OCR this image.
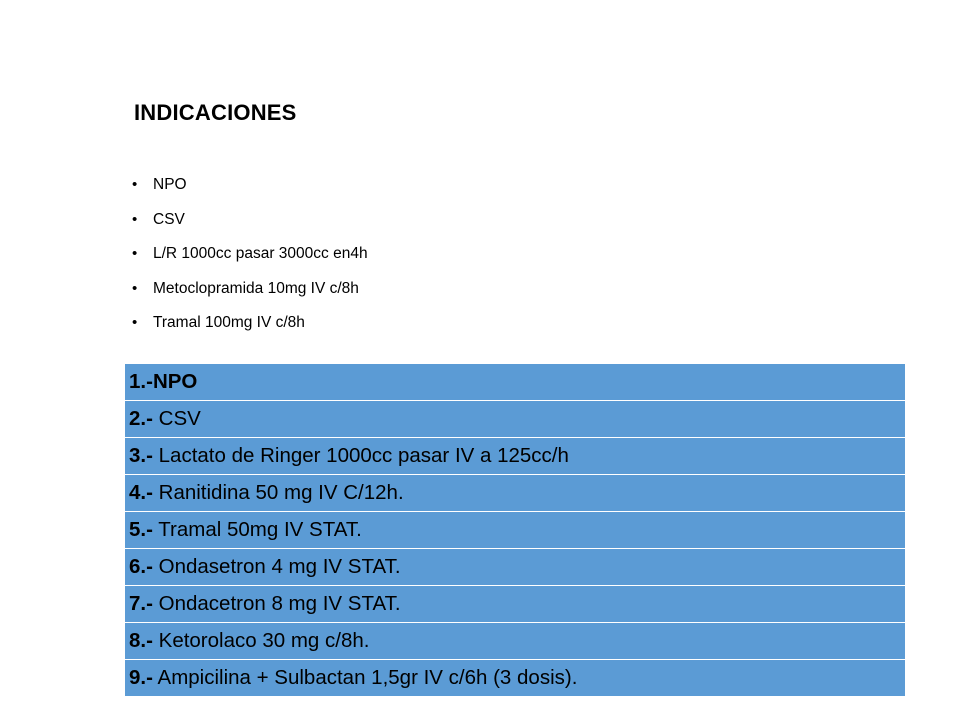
INDICACIONES
• NPO
• CSV
• L/R 1000cc pasar 3000cc en4h
• Metoclopramida 10mg IV c/8h
• Tramal 100mg IV c/8h
1.-NPO
2.- CSV
3.- Lactato de Ringer 1000cc pasar IV a 125cc/h
4.- Ranitidina 50 mg IV C/12h.
5.- Tramal 50mg IV STAT.
6.- Ondasetron 4 mg IV STAT.
7.- Ondacetron 8 mg IV STAT.
8.- Ketorolaco 30 mg c/8h.
9.- Ampicilina + Sulbactan 1,5gr IV c/6h (3 dosis).
